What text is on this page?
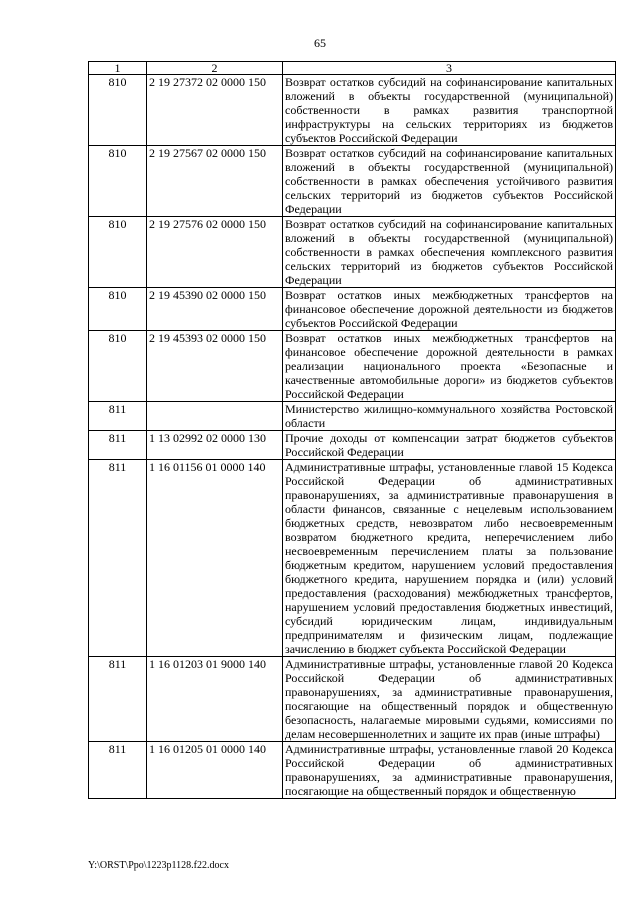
65
1	2	3
810	2 19 27372 02 0000 150	Возврат остатков субсидий на софинансирование капитальных вложений в объекты государственной (муниципальной) собственности в рамках развития транспортной инфраструктуры на сельских территориях из бюджетов субъектов Российской Федерации
810	2 19 27567 02 0000 150	Возврат остатков субсидий на софинансирование капитальных вложений в объекты государственной (муниципальной) собственности в рамках обеспечения устойчивого развития сельских территорий из бюджетов субъектов Российской Федерации
810	2 19 27576 02 0000 150	Возврат остатков субсидий на софинансирование капитальных вложений в объекты государственной (муниципальной) собственности в рамках обеспечения комплексного развития сельских территорий из бюджетов субъектов Российской Федерации
810	2 19 45390 02 0000 150	Возврат остатков иных межбюджетных трансфертов на финансовое обеспечение дорожной деятельности из бюджетов субъектов Российской Федерации
810	2 19 45393 02 0000 150	Возврат остатков иных межбюджетных трансфертов на финансовое обеспечение дорожной деятельности в рамках реализации национального проекта «Безопасные и качественные автомобильные дороги» из бюджетов субъектов Российской Федерации
811		Министерство жилищно-коммунального хозяйства Ростовской области
811	1 13 02992 02 0000 130	Прочие доходы от компенсации затрат бюджетов субъектов Российской Федерации
811	1 16 01156 01 0000 140	Административные штрафы, установленные главой 15 Кодекса Российской Федерации об административных правонарушениях, за административные правонарушения в области финансов, связанные с нецелевым использованием бюджетных средств, невозвратом либо несвоевременным возвратом бюджетного кредита, неперечислением либо несвоевременным перечислением платы за пользование бюджетным кредитом, нарушением условий предоставления бюджетного кредита, нарушением порядка и (или) условий предоставления (расходования) межбюджетных трансфертов, нарушением условий предоставления бюджетных инвестиций, субсидий юридическим лицам, индивидуальным предпринимателям и физическим лицам, подлежащие зачислению в бюджет субъекта Российской Федерации
811	1 16 01203 01 9000 140	Административные штрафы, установленные главой 20 Кодекса Российской Федерации об административных правонарушениях, за административные правонарушения, посягающие на общественный порядок и общественную безопасность, налагаемые мировыми судьями, комиссиями по делам несовершеннолетних и защите их прав (иные штрафы)
811	1 16 01205 01 0000 140	Административные штрафы, установленные главой 20 Кодекса Российской Федерации об административных правонарушениях, за административные правонарушения, посягающие на общественный порядок и общественную
Y:\ORST\Ppo\1223p1128.f22.docx
